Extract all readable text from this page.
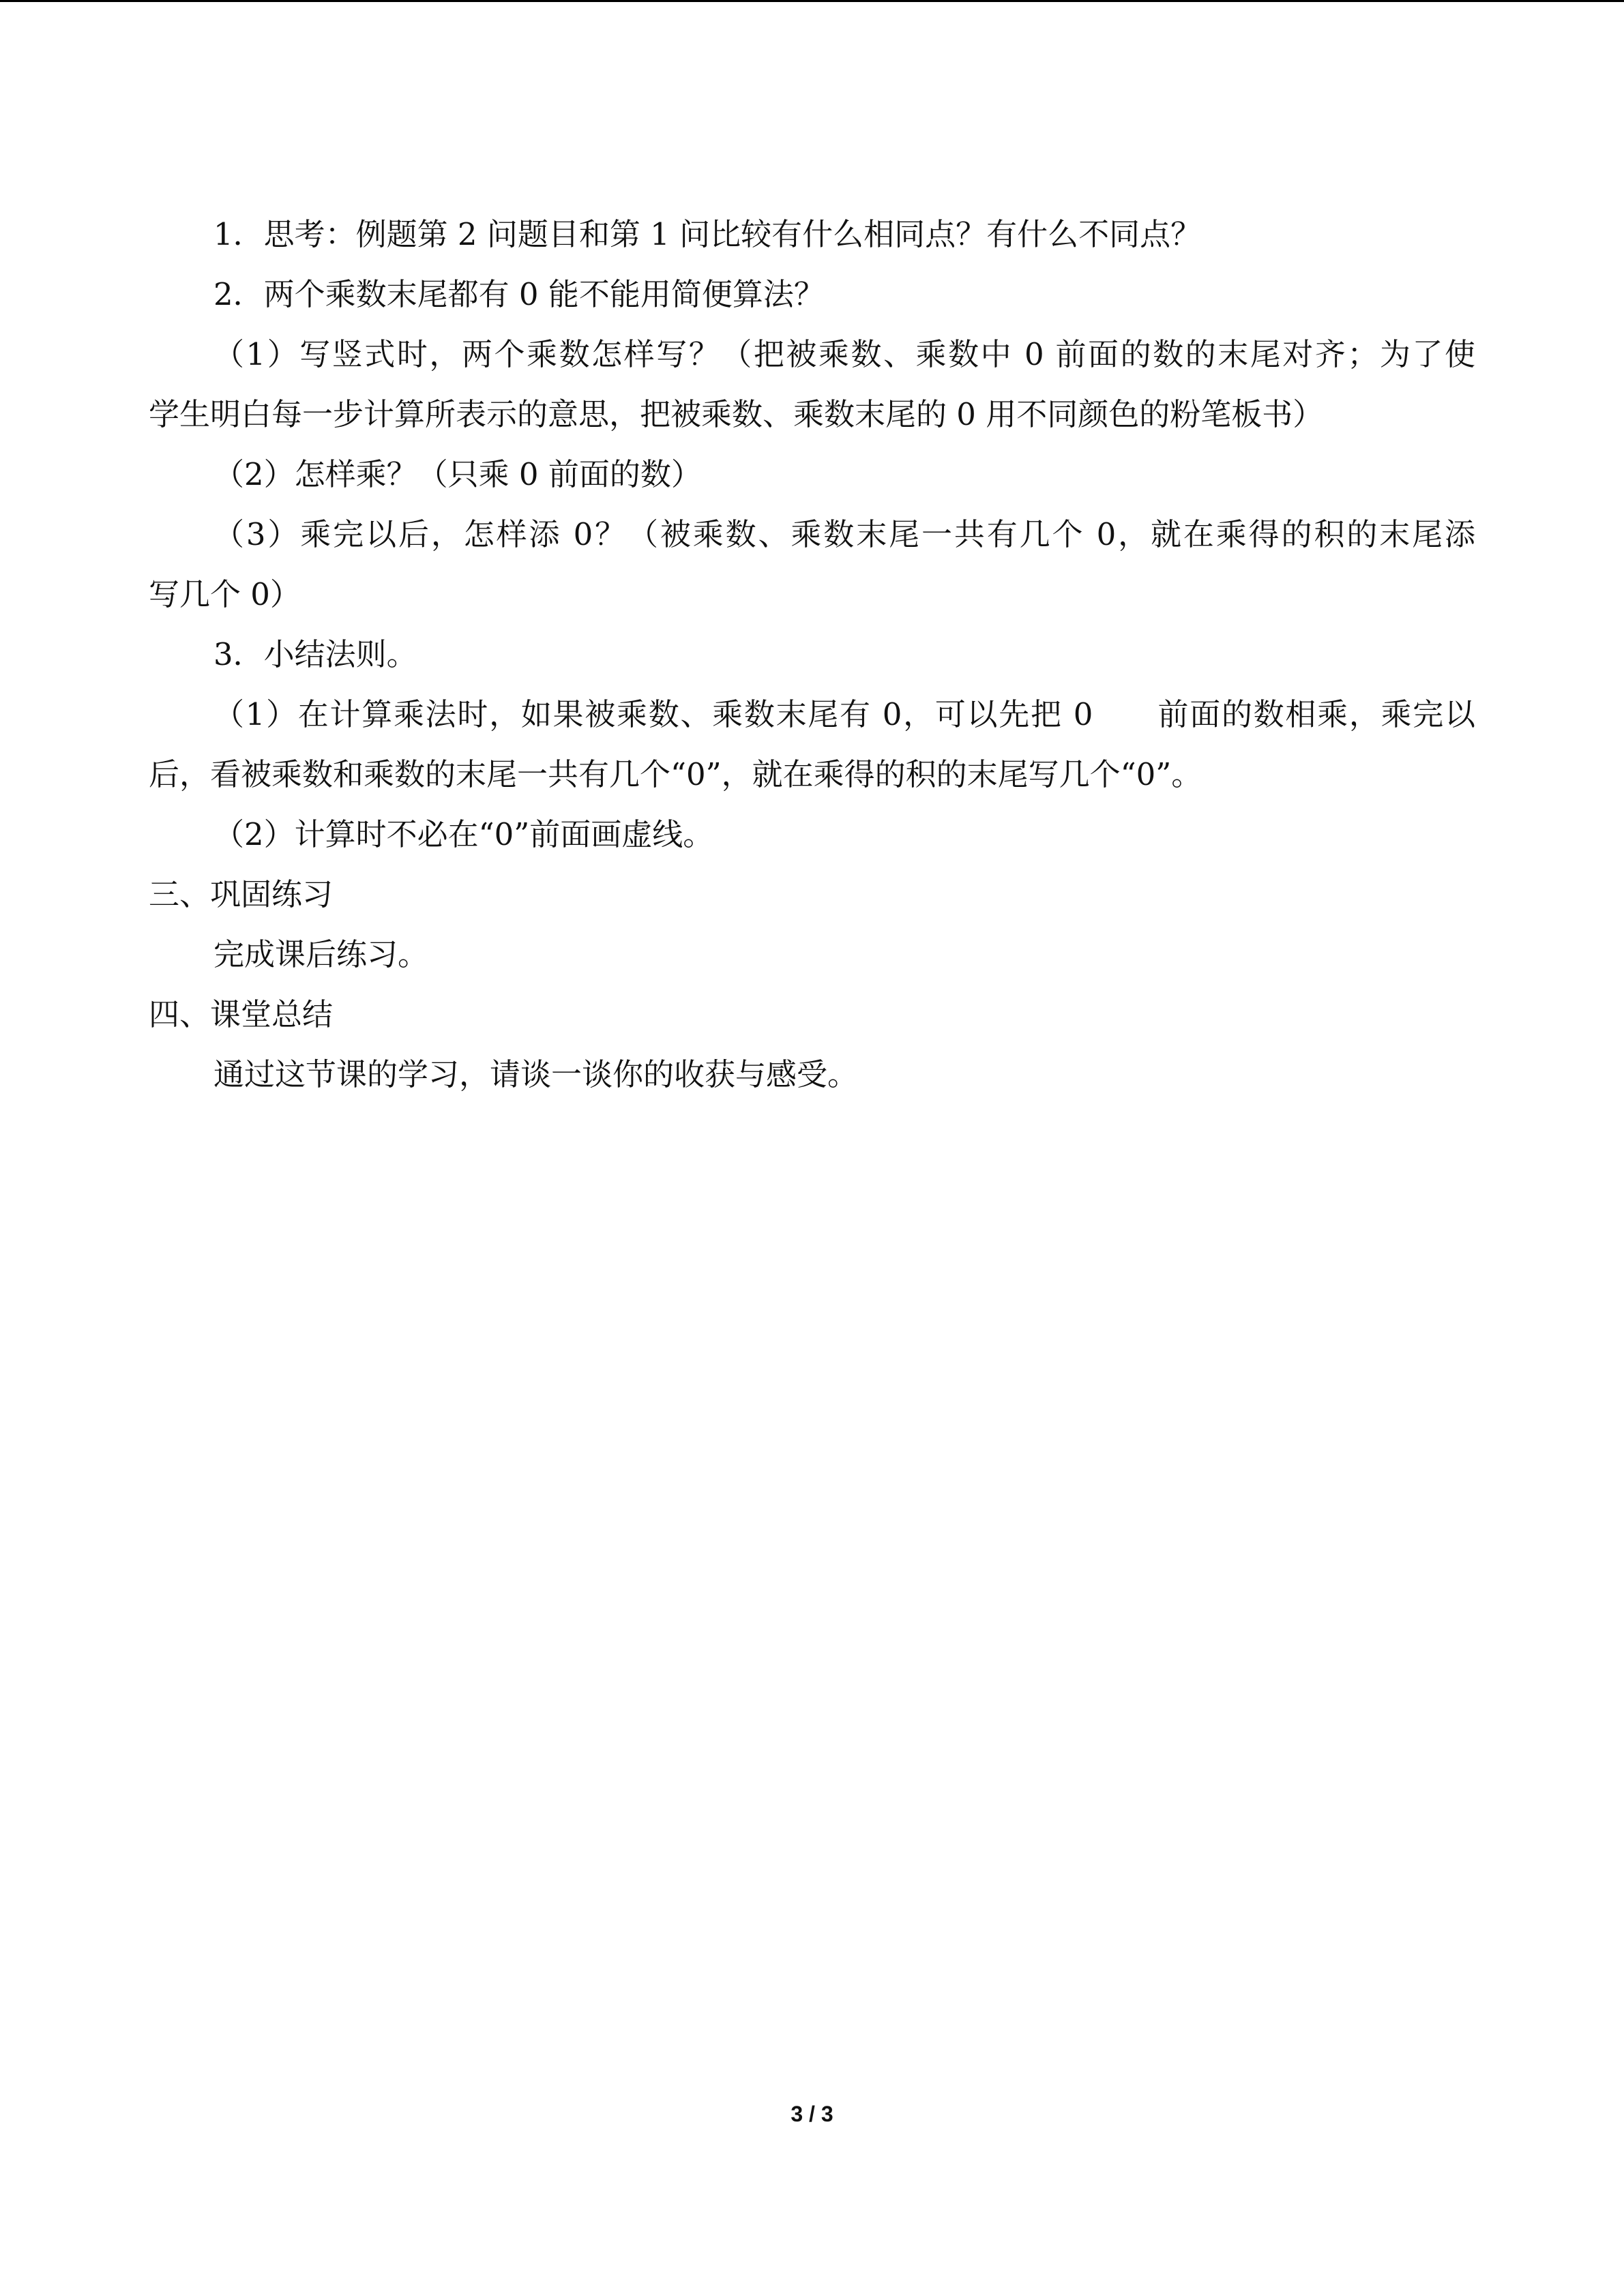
1．思考：例题第 2 问题目和第 1 问比较有什么相同点？有什么不同点？
2．两个乘数末尾都有 0 能不能用简便算法？
（1）写竖式时，两个乘数怎样写？（把被乘数、乘数中 0 前面的数的末尾对齐；为了使
学生明白每一步计算所表示的意思，把被乘数、乘数末尾的 0 用不同颜色的粉笔板书）
（2）怎样乘？（只乘 0 前面的数）
（3）乘完以后，怎样添 0？（被乘数、乘数末尾一共有几个 0，就在乘得的积的末尾添
写几个 0）
3．小结法则。
（1）在计算乘法时，如果被乘数、乘数末尾有 0，可以先把 0　　前面的数相乘，乘完以
后，看被乘数和乘数的末尾一共有几个“0”，就在乘得的积的末尾写几个“0”。
（2）计算时不必在“0”前面画虚线。
三、巩固练习
完成课后练习。
四、课堂总结
通过这节课的学习，请谈一谈你的收获与感受。
3 / 3
